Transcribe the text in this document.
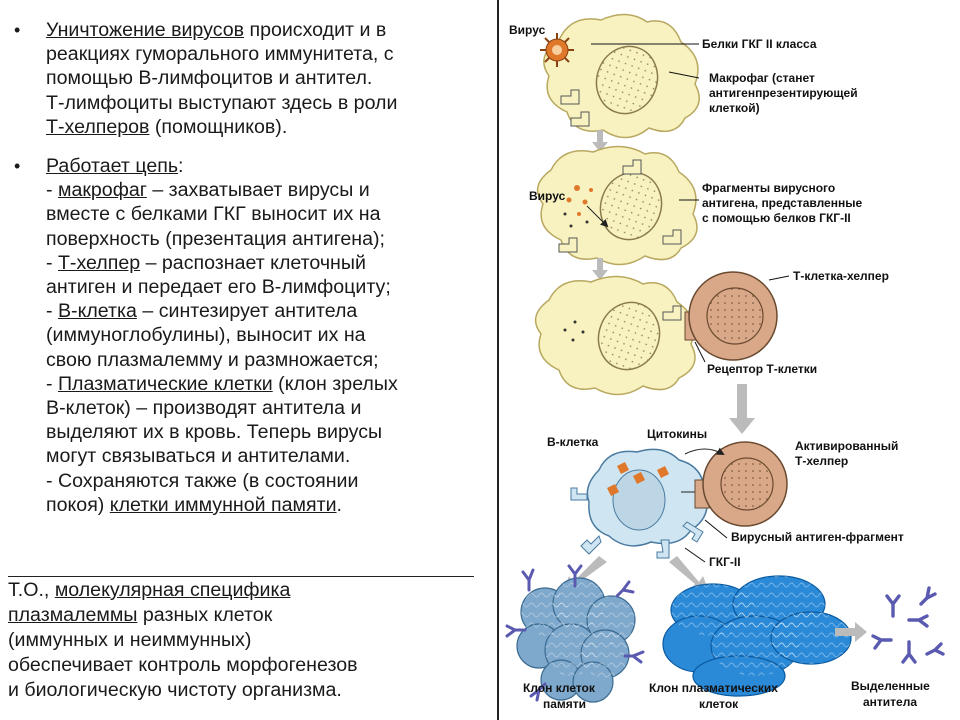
• Уничтожение вирусов происходит и в

реакциях гуморального иммунитета, с

помощью В-лимфоцитов и антител.

Т-лимфоциты выступают здесь в роли

Т-хелперов (помощников).

• Работает цепь:

- макрофаг – захватывает вирусы и

вместе с белками ГКГ выносит их на

поверхность (презентация антигена);

- Т-хелпер – распознает клеточный

антиген и передает его В-лимфоциту;

- В-клетка – синтезирует антитела

(иммуноглобулины), выносит их на

свою плазмалемму и размножается;

- Плазматические клетки (клон зрелых

В-клеток) – производят антитела и

выделяют их в кровь. Теперь вирусы

могут связываться и антителами.

- Сохраняются также (в состоянии

покоя) клетки иммунной памяти.

Т.О., молекулярная специфика

плазмалеммы разных клеток

(иммунных и неиммунных)

обеспечивает контроль морфогенезов

и биологическую чистоту организма.

Вирус
Белки ГКГ II класса
Макрофаг (станет
антигенпрезентирующей
клеткой)
Вирус
Фрагменты вирусного
антигена, представленные
с помощью белков ГКГ-II
Т-клетка-хелпер
Рецептор Т-клетки
В-клетка
Цитокины
Активированный
Т-хелпер
Вирусный антиген-фрагмент
ГКГ-II
Клон клеток
памяти
Клон плазматических
клеток
Выделенные
антитела
